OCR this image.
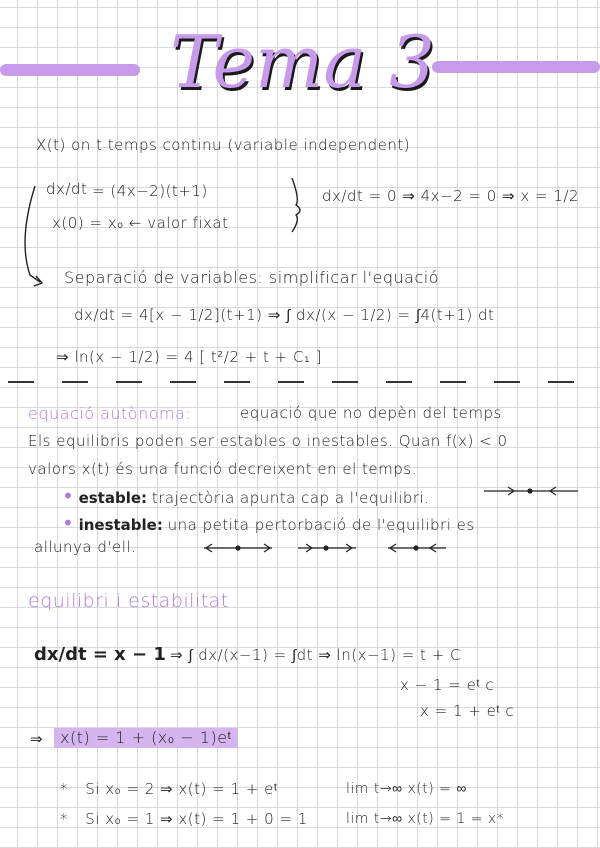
Tema 3
X(t) on t temps continu (variable independent)
dx/dt = (4x−2)(t+1)
x(0) = x₀ ← valor fixat
dx/dt = 0 ⇒ 4x−2 = 0 ⇒ x = 1/2
Separació de variables: simplificar l'equació
dx/dt = 4[x − 1/2](t+1) ⇒ ∫ dx/(x − 1/2) = ∫4(t+1) dt
⇒ ln(x − 1/2) = 4 [ t²/2 + t + C₁ ]
equació autònoma:	equació que no depèn del temps
Els equilibris poden ser estables o inestables. Quan f(x) < 0
valors x(t) és una funció decreixent en el temps.
• estable: trajectòria apunta cap a l'equilibri.
• inestable: una petita pertorbació de l'equilibri es
allunya d'ell.
equilibri i estabilitat
dx/dt = x − 1 ⇒ ∫ dx/(x−1) = ∫dt ⇒ ln(x−1) = t + C
x − 1 = eᵗ c
x = 1 + eᵗ c
⇒	x(t) = 1 + (x₀ − 1)eᵗ
* Si x₀ = 2 ⇒ x(t) = 1 + eᵗ	lim t→∞ x(t) = ∞
* Si x₀ = 1 ⇒ x(t) = 1 + 0 = 1	lim t→∞ x(t) = 1 = x*
